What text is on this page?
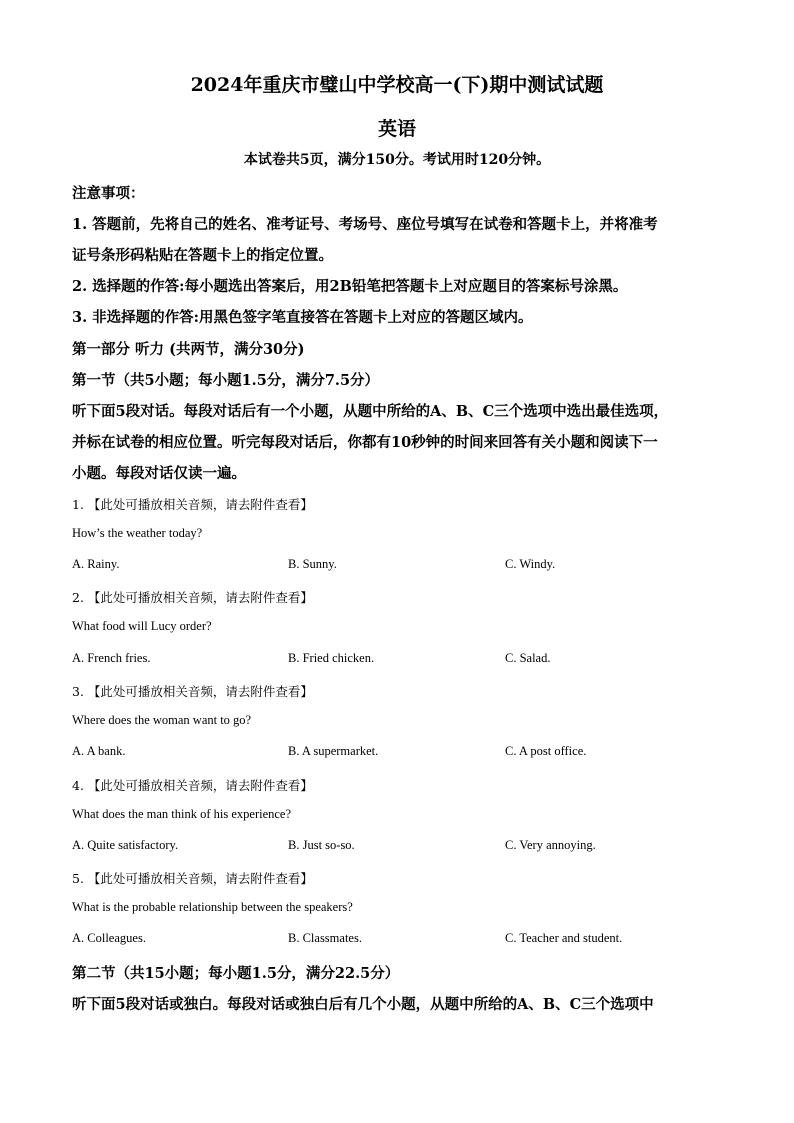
2024年重庆市璧山中学校高一(下)期中测试试题
英语
本试卷共5页，满分150分。考试用时120分钟。
注意事项：
1. 答题前，先将自己的姓名、准考证号、考场号、座位号填写在试卷和答题卡上，并将准考
证号条形码粘贴在答题卡上的指定位置。
2. 选择题的作答:每小题选出答案后，用2B铅笔把答题卡上对应题目的答案标号涂黑。
3. 非选择题的作答:用黑色签字笔直接答在答题卡上对应的答题区域内。
第一部分 听力 (共两节，满分30分)
第一节（共5小题；每小题1.5分，满分7.5分）
听下面5段对话。每段对话后有一个小题，从题中所给的A、B、C三个选项中选出最佳选项，
并标在试卷的相应位置。听完每段对话后，你都有10秒钟的时间来回答有关小题和阅读下一
小题。每段对话仅读一遍。
1. 【此处可播放相关音频，请去附件查看】
How’s the weather today?
A. Rainy.	B. Sunny.	C. Windy.
2. 【此处可播放相关音频，请去附件查看】
What food will Lucy order?
A. French fries.	B. Fried chicken.	C. Salad.
3. 【此处可播放相关音频，请去附件查看】
Where does the woman want to go?
A. A bank.	B. A supermarket.	C. A post office.
4. 【此处可播放相关音频，请去附件查看】
What does the man think of his experience?
A. Quite satisfactory.	B. Just so-so.	C. Very annoying.
5. 【此处可播放相关音频，请去附件查看】
What is the probable relationship between the speakers?
A. Colleagues.	B. Classmates.	C. Teacher and student.
第二节（共15小题；每小题1.5分，满分22.5分）
听下面5段对话或独白。每段对话或独白后有几个小题，从题中所给的A、B、C三个选项中
